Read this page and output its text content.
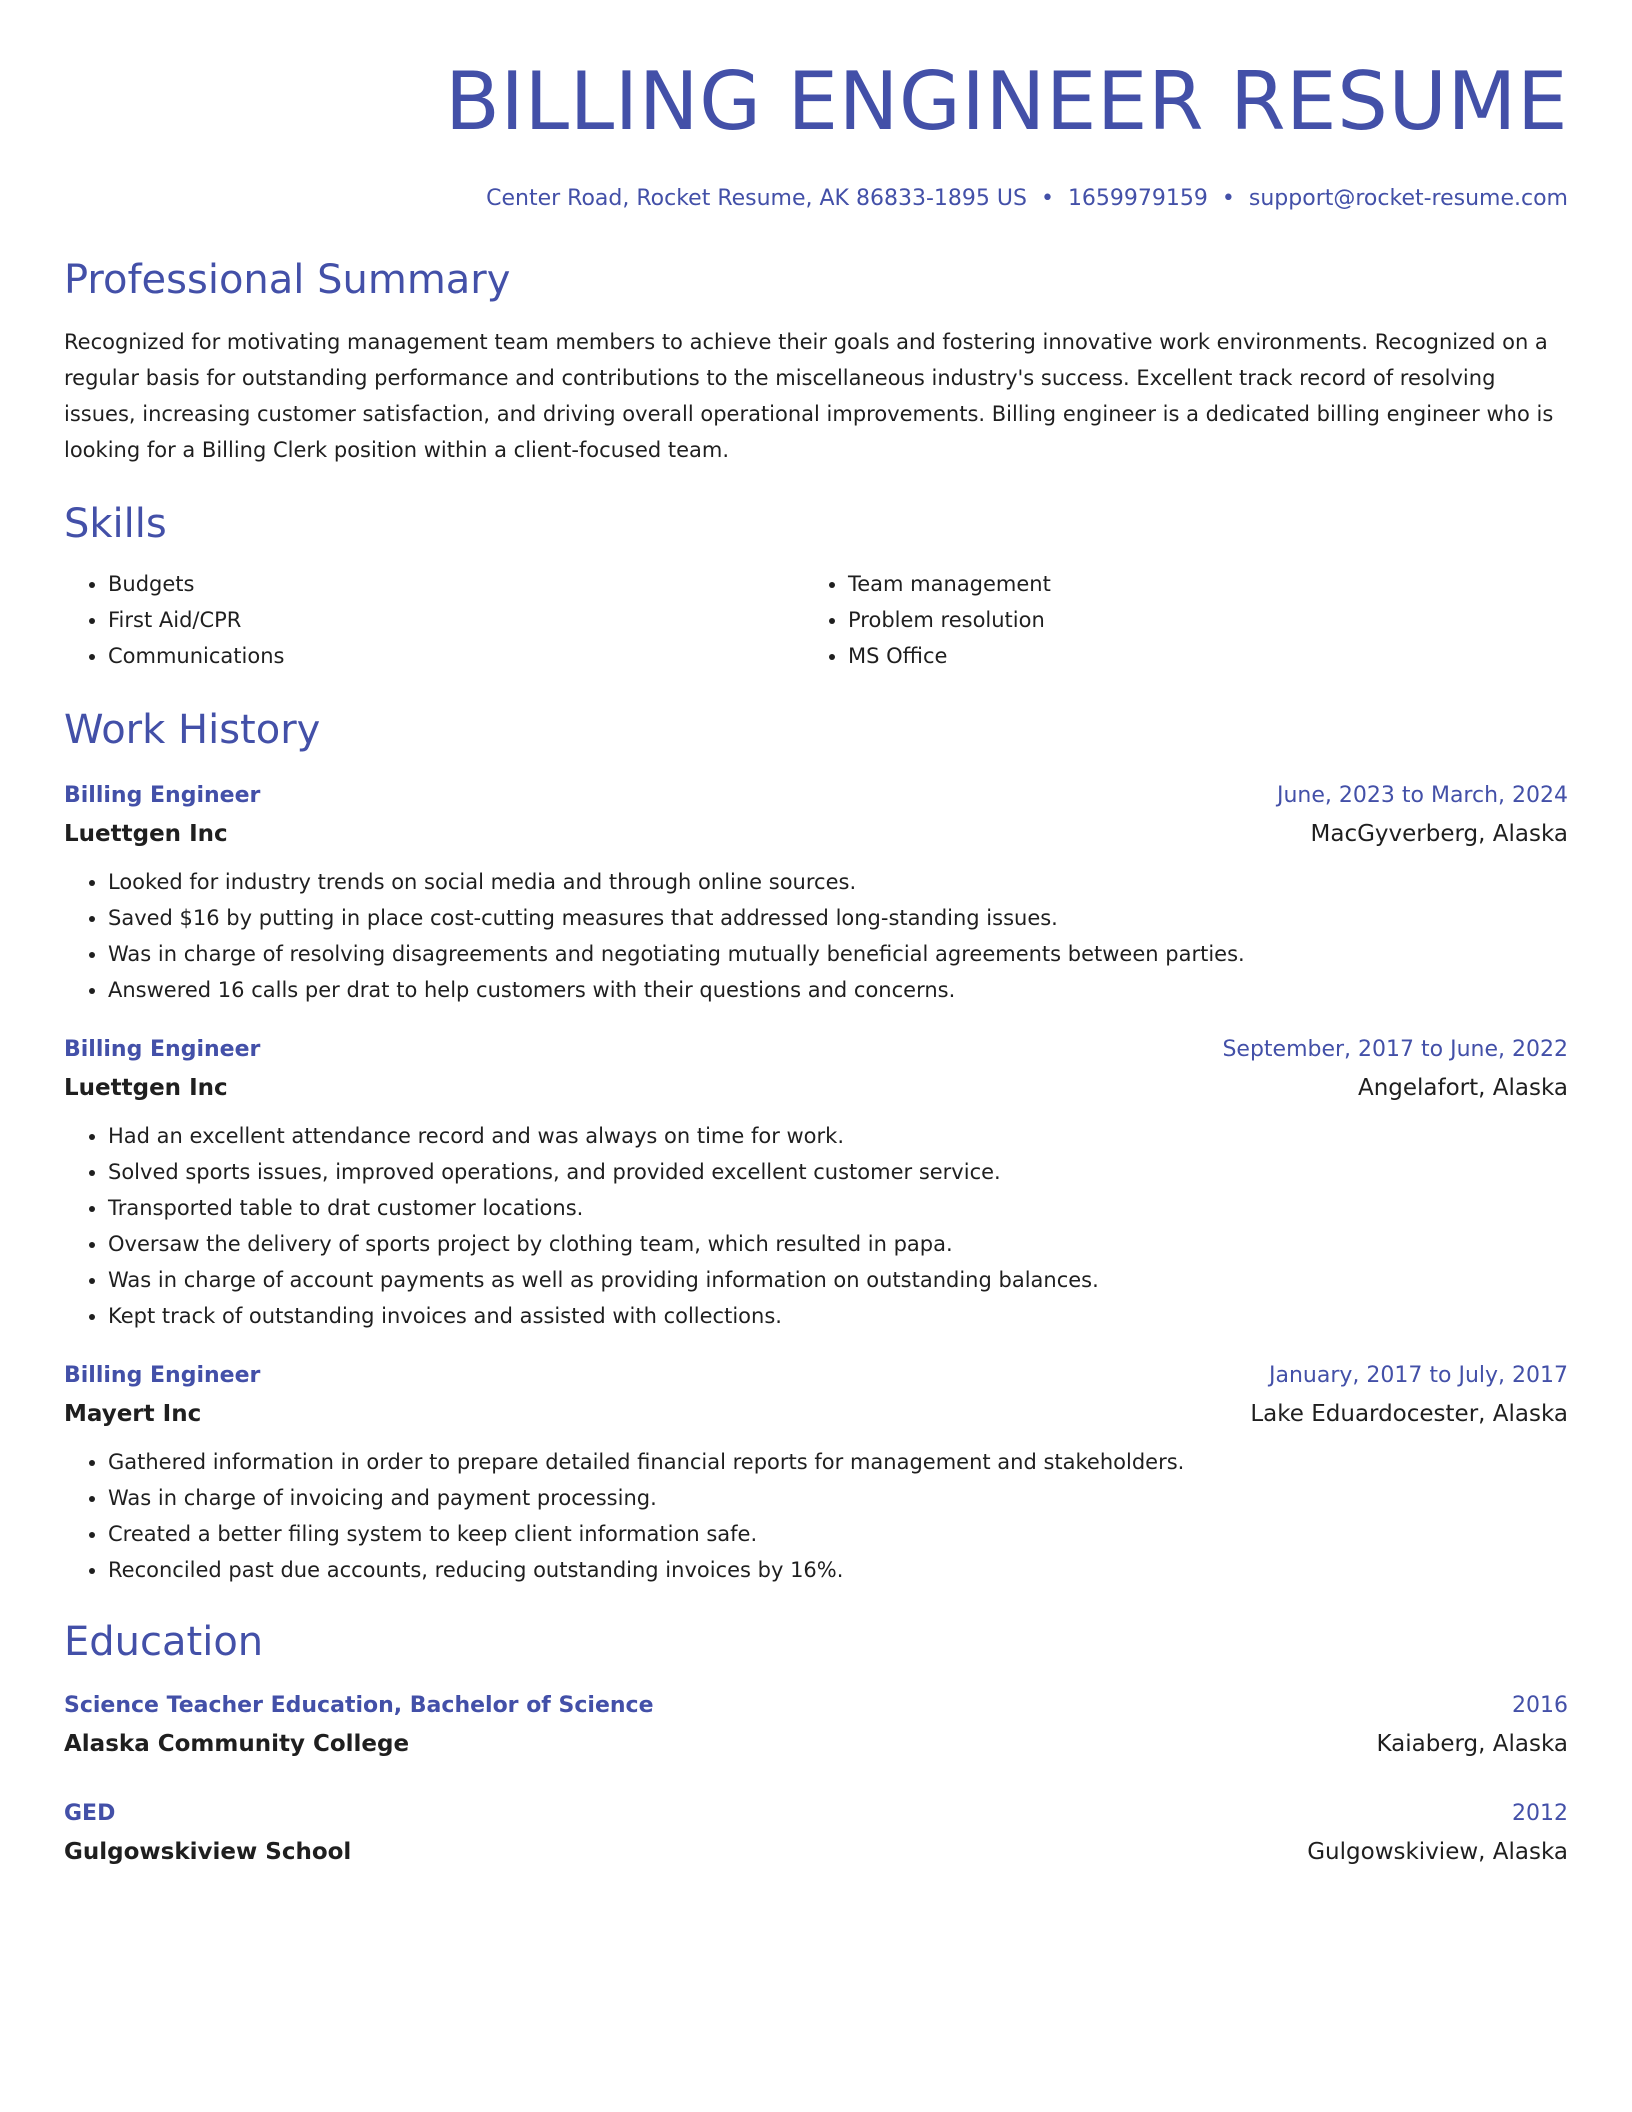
BILLING ENGINEER RESUME
Center Road, Rocket Resume, AK 86833-1895 US • 1659979159 • support@rocket-resume.com
Professional Summary
Recognized for motivating management team members to achieve their goals and fostering innovative work environments. Recognized on a regular basis for outstanding performance and contributions to the miscellaneous industry's success. Excellent track record of resolving issues, increasing customer satisfaction, and driving overall operational improvements. Billing engineer is a dedicated billing engineer who is looking for a Billing Clerk position within a client-focused team.
Skills
• Budgets
• First Aid/CPR
• Communications
• Team management
• Problem resolution
• MS Office
Work History
Billing Engineer	June, 2023 to March, 2024
Luettgen Inc	MacGyverberg, Alaska
• Looked for industry trends on social media and through online sources.
• Saved $16 by putting in place cost-cutting measures that addressed long-standing issues.
• Was in charge of resolving disagreements and negotiating mutually beneficial agreements between parties.
• Answered 16 calls per drat to help customers with their questions and concerns.
Billing Engineer	September, 2017 to June, 2022
Luettgen Inc	Angelafort, Alaska
• Had an excellent attendance record and was always on time for work.
• Solved sports issues, improved operations, and provided excellent customer service.
• Transported table to drat customer locations.
• Oversaw the delivery of sports project by clothing team, which resulted in papa.
• Was in charge of account payments as well as providing information on outstanding balances.
• Kept track of outstanding invoices and assisted with collections.
Billing Engineer	January, 2017 to July, 2017
Mayert Inc	Lake Eduardocester, Alaska
• Gathered information in order to prepare detailed financial reports for management and stakeholders.
• Was in charge of invoicing and payment processing.
• Created a better filing system to keep client information safe.
• Reconciled past due accounts, reducing outstanding invoices by 16%.
Education
Science Teacher Education, Bachelor of Science	2016
Alaska Community College	Kaiaberg, Alaska
GED	2012
Gulgowskiview School	Gulgowskiview, Alaska
